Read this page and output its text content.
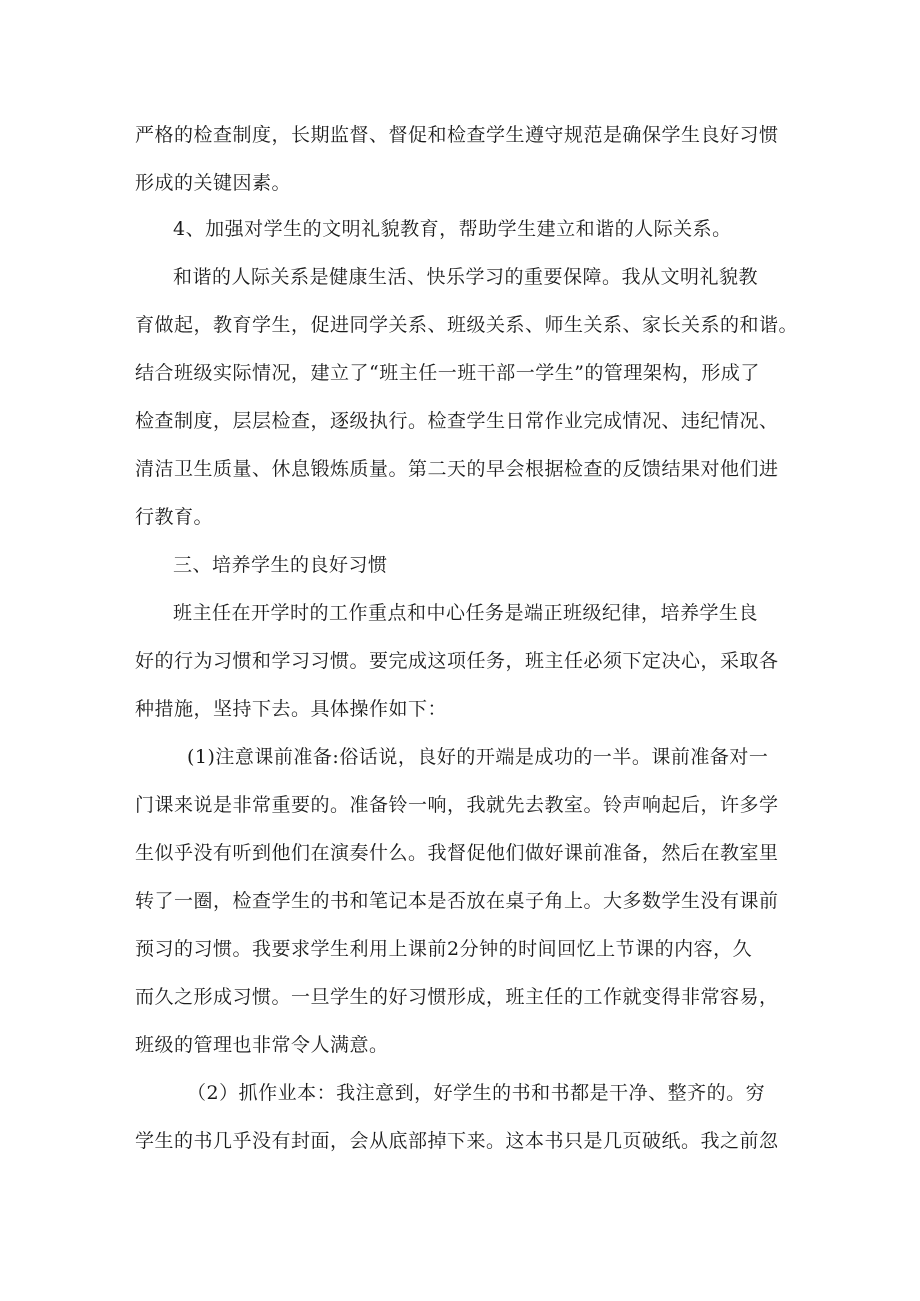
严格的检查制度，长期监督、督促和检查学生遵守规范是确保学生良好习惯
形成的关键因素。
4、加强对学生的文明礼貌教育，帮助学生建立和谐的人际关系。
和谐的人际关系是健康生活、快乐学习的重要保障。我从文明礼貌教
育做起，教育学生，促进同学关系、班级关系、师生关系、家长关系的和谐。
结合班级实际情况，建立了“班主任一班干部一学生”的管理架构，形成了
检查制度，层层检查，逐级执行。检查学生日常作业完成情况、违纪情况、
清洁卫生质量、休息锻炼质量。第二天的早会根据检查的反馈结果对他们进
行教育。
三、培养学生的良好习惯
班主任在开学时的工作重点和中心任务是端正班级纪律，培养学生良
好的行为习惯和学习习惯。要完成这项任务，班主任必须下定决心，采取各
种措施，坚持下去。具体操作如下：
(1)注意课前准备:俗话说，良好的开端是成功的一半。课前准备对一
门课来说是非常重要的。准备铃一响，我就先去教室。铃声响起后，许多学
生似乎没有听到他们在演奏什么。我督促他们做好课前准备，然后在教室里
转了一圈，检查学生的书和笔记本是否放在桌子角上。大多数学生没有课前
预习的习惯。我要求学生利用上课前2分钟的时间回忆上节课的内容，久
而久之形成习惯。一旦学生的好习惯形成，班主任的工作就变得非常容易，
班级的管理也非常令人满意。
（2）抓作业本：我注意到，好学生的书和书都是干净、整齐的。穷
学生的书几乎没有封面，会从底部掉下来。这本书只是几页破纸。我之前忽
